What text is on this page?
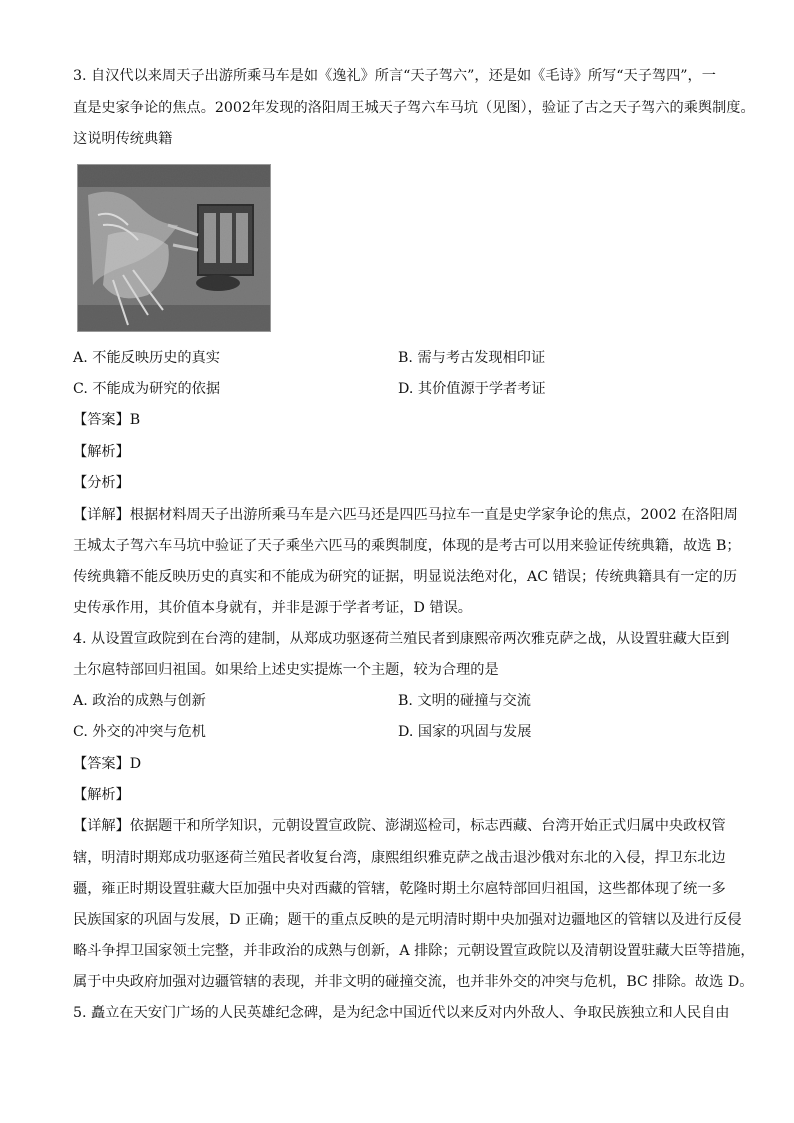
3. 自汉代以来周天子出游所乘马车是如《逸礼》所言“天子驾六”，还是如《毛诗》所写“天子驾四”，一
直是史家争论的焦点。2002年发现的洛阳周王城天子驾六车马坑（见图），验证了古之天子驾六的乘舆制度。
这说明传统典籍
A. 不能反映历史的真实	B. 需与考古发现相印证
C. 不能成为研究的依据	D. 其价值源于学者考证
【答案】B
【解析】
【分析】
【详解】根据材料周天子出游所乘马车是六匹马还是四匹马拉车一直是史学家争论的焦点，2002 在洛阳周
王城太子驾六车马坑中验证了天子乘坐六匹马的乘舆制度，体现的是考古可以用来验证传统典籍，故选 B；
传统典籍不能反映历史的真实和不能成为研究的证据，明显说法绝对化，AC 错误；传统典籍具有一定的历
史传承作用，其价值本身就有，并非是源于学者考证，D 错误。
4. 从设置宣政院到在台湾的建制，从郑成功驱逐荷兰殖民者到康熙帝两次雅克萨之战，从设置驻藏大臣到
土尔扈特部回归祖国。如果给上述史实提炼一个主题，较为合理的是
A. 政治的成熟与创新	B. 文明的碰撞与交流
C. 外交的冲突与危机	D. 国家的巩固与发展
【答案】D
【解析】
【详解】依据题干和所学知识，元朝设置宣政院、澎湖巡检司，标志西藏、台湾开始正式归属中央政权管
辖，明清时期郑成功驱逐荷兰殖民者收复台湾，康熙组织雅克萨之战击退沙俄对东北的入侵，捍卫东北边
疆，雍正时期设置驻藏大臣加强中央对西藏的管辖，乾隆时期土尔扈特部回归祖国，这些都体现了统一多
民族国家的巩固与发展，D 正确；题干的重点反映的是元明清时期中央加强对边疆地区的管辖以及进行反侵
略斗争捍卫国家领土完整，并非政治的成熟与创新，A 排除；元朝设置宣政院以及清朝设置驻藏大臣等措施，
属于中央政府加强对边疆管辖的表现，并非文明的碰撞交流，也并非外交的冲突与危机，BC 排除。故选 D。
5. 矗立在天安门广场的人民英雄纪念碑，是为纪念中国近代以来反对内外敌人、争取民族独立和人民自由
